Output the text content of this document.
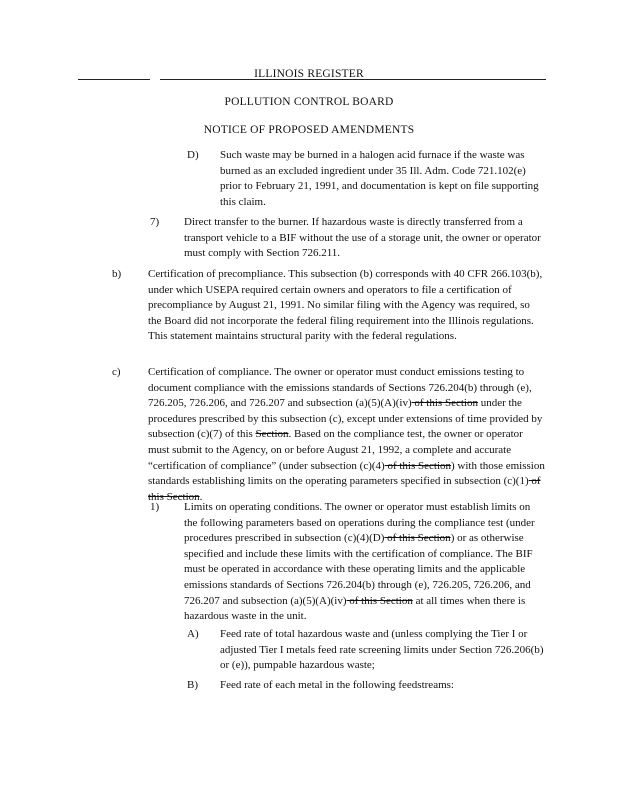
ILLINOIS REGISTER
POLLUTION CONTROL BOARD
NOTICE OF PROPOSED AMENDMENTS
D) Such waste may be burned in a halogen acid furnace if the waste was burned as an excluded ingredient under 35 Ill. Adm. Code 721.102(e) prior to February 21, 1991, and documentation is kept on file supporting this claim.
7) Direct transfer to the burner. If hazardous waste is directly transferred from a transport vehicle to a BIF without the use of a storage unit, the owner or operator must comply with Section 726.211.
b) Certification of precompliance. This subsection (b) corresponds with 40 CFR 266.103(b), under which USEPA required certain owners and operators to file a certification of precompliance by August 21, 1991. No similar filing with the Agency was required, so the Board did not incorporate the federal filing requirement into the Illinois regulations. This statement maintains structural parity with the federal regulations.
c) Certification of compliance. The owner or operator must conduct emissions testing to document compliance with the emissions standards of Sections 726.204(b) through (e), 726.205, 726.206, and 726.207 and subsection (a)(5)(A)(iv) of this Section under the procedures prescribed by this subsection (c), except under extensions of time provided by subsection (c)(7) of this Section. Based on the compliance test, the owner or operator must submit to the Agency, on or before August 21, 1992, a complete and accurate “certification of compliance” (under subsection (c)(4) of this Section) with those emission standards establishing limits on the operating parameters specified in subsection (c)(1) of this Section.
1) Limits on operating conditions. The owner or operator must establish limits on the following parameters based on operations during the compliance test (under procedures prescribed in subsection (c)(4)(D) of this Section) or as otherwise specified and include these limits with the certification of compliance. The BIF must be operated in accordance with these operating limits and the applicable emissions standards of Sections 726.204(b) through (e), 726.205, 726.206, and 726.207 and subsection (a)(5)(A)(iv) of this Section at all times when there is hazardous waste in the unit.
A) Feed rate of total hazardous waste and (unless complying the Tier I or adjusted Tier I metals feed rate screening limits under Section 726.206(b) or (e)), pumpable hazardous waste;
B) Feed rate of each metal in the following feedstreams:
